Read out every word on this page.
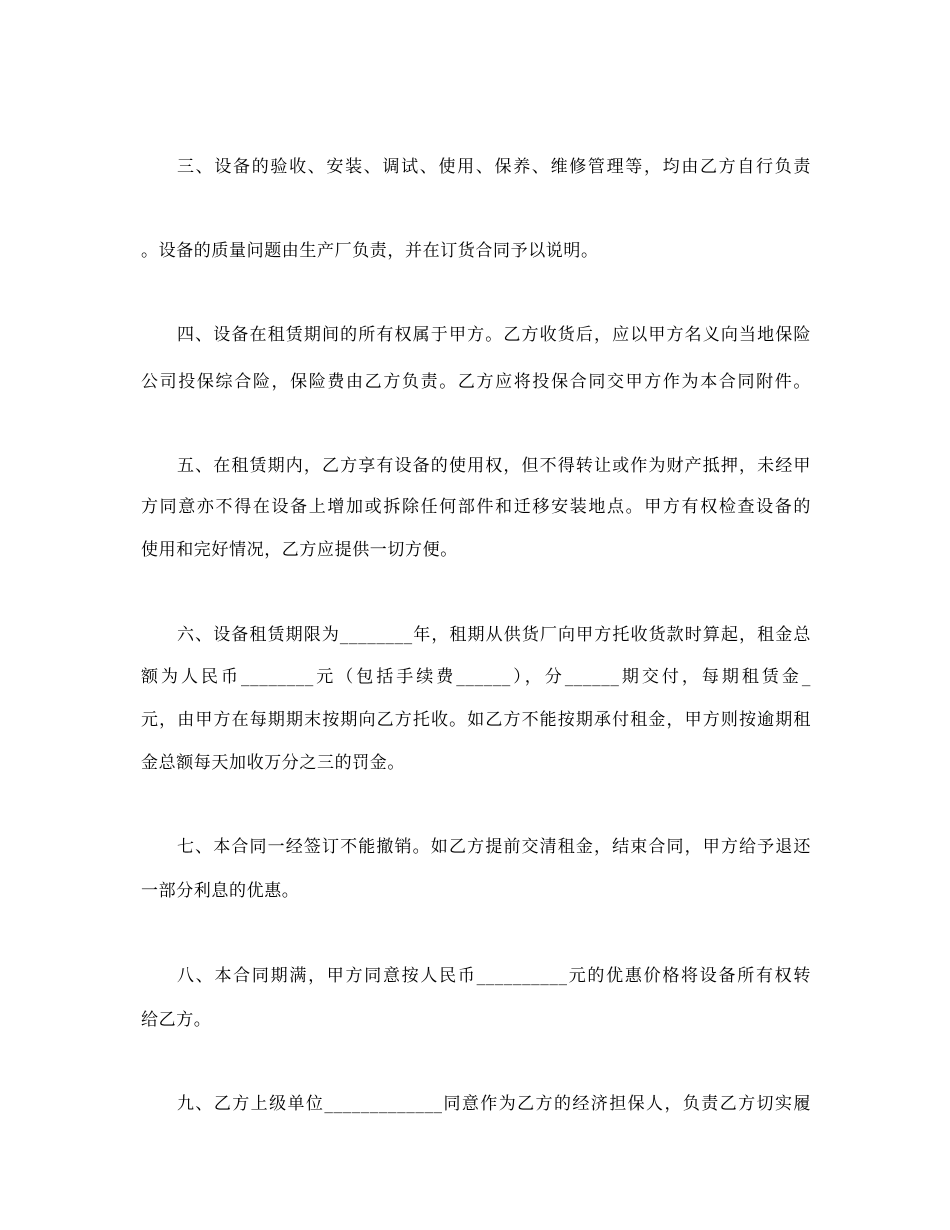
三、设备的验收、安装、调试、使用、保养、维修管理等，均由乙方自行负责
。设备的质量问题由生产厂负责，并在订货合同予以说明。
四、设备在租赁期间的所有权属于甲方。乙方收货后，应以甲方名义向当地保险
公司投保综合险，保险费由乙方负责。乙方应将投保合同交甲方作为本合同附件。
五、在租赁期内，乙方享有设备的使用权，但不得转让或作为财产抵押，未经甲
方同意亦不得在设备上增加或拆除任何部件和迁移安装地点。甲方有权检查设备的
使用和完好情况，乙方应提供一切方便。
六、设备租赁期限为________年，租期从供货厂向甲方托收货款时算起，租金总
额为人民币________元（包括手续费______），分______期交付，每期租赁金_
元，由甲方在每期期末按期向乙方托收。如乙方不能按期承付租金，甲方则按逾期租
金总额每天加收万分之三的罚金。
七、本合同一经签订不能撤销。如乙方提前交清租金，结束合同，甲方给予退还
一部分利息的优惠。
八、本合同期满，甲方同意按人民币__________元的优惠价格将设备所有权转
给乙方。
九、乙方上级单位_____________同意作为乙方的经济担保人，负责乙方切实履
